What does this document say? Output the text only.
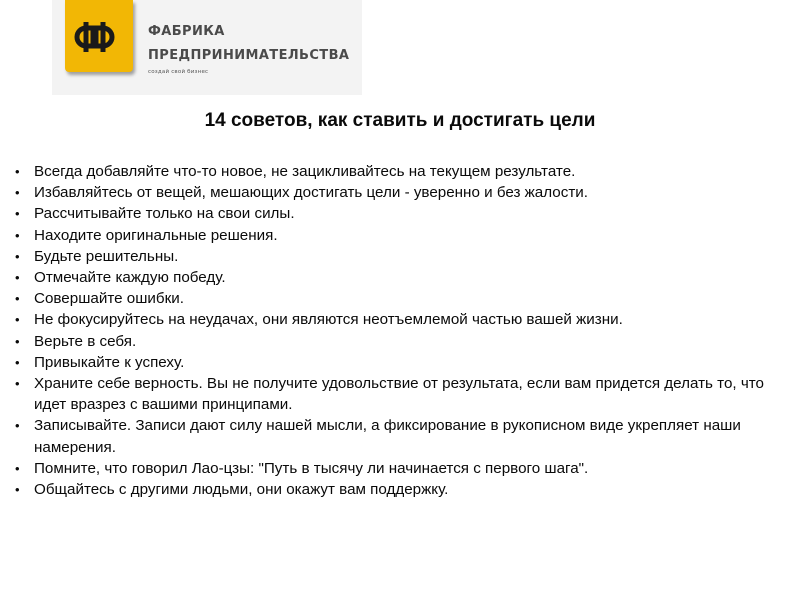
ФАБРИКА
ПРЕДПРИНИМАТЕЛЬСТВА
создай свой бизнес
14 советов, как ставить и достигать цели
• Всегда добавляйте что-то новое, не зацикливайтесь на текущем результате.
• Избавляйтесь от вещей, мешающих достигать цели - уверенно и без жалости.
• Рассчитывайте только на свои силы.
• Находите оригинальные решения.
• Будьте решительны.
• Отмечайте каждую победу.
• Совершайте ошибки.
• Не фокусируйтесь на неудачах, они являются неотъемлемой частью вашей жизни.
• Верьте в себя.
• Привыкайте к успеху.
• Храните себе верность. Вы не получите удовольствие от результата, если вам придется делать то, что идет вразрез с вашими принципами.
• Записывайте. Записи дают силу нашей мысли, а фиксирование в рукописном виде укрепляет наши намерения.
• Помните, что говорил Лао-цзы: "Путь в тысячу ли начинается с первого шага".
• Общайтесь с другими людьми, они окажут вам поддержку.
